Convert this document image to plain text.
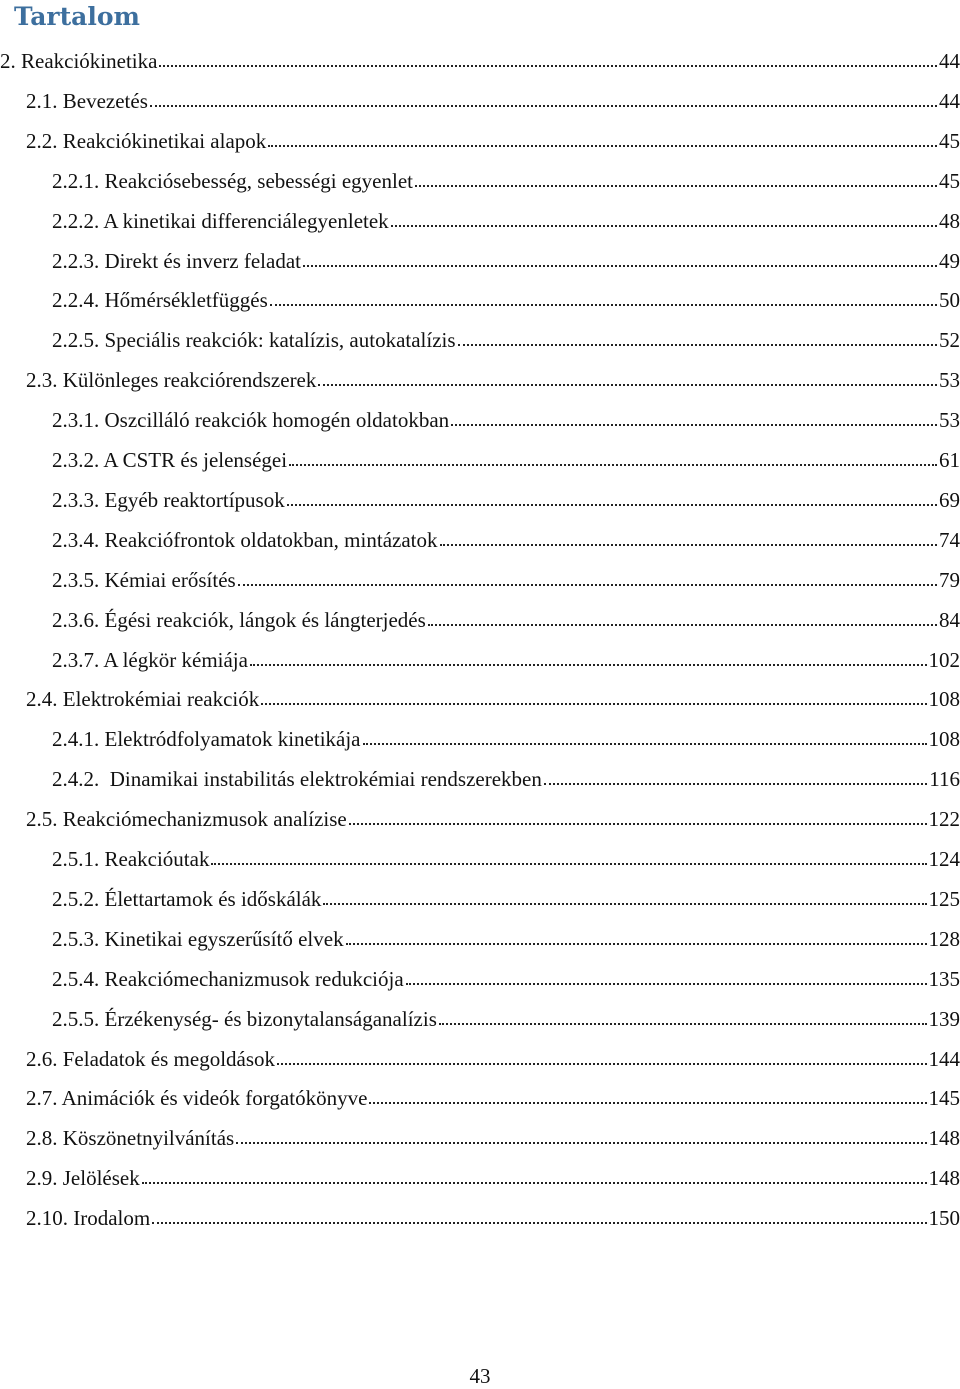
Tartalom
2. Reakciókinetika	44
2.1. Bevezetés	44
2.2. Reakciókinetikai alapok	45
2.2.1. Reakciósebesség, sebességi egyenlet	45
2.2.2. A kinetikai differenciálegyenletek	48
2.2.3. Direkt és inverz feladat	49
2.2.4. Hőmérsékletfüggés	50
2.2.5. Speciális reakciók: katalízis, autokatalízis	52
2.3. Különleges reakciórendszerek	53
2.3.1. Oszcilláló reakciók homogén oldatokban	53
2.3.2. A CSTR és jelenségei	61
2.3.3. Egyéb reaktortípusok	69
2.3.4. Reakciófrontok oldatokban, mintázatok	74
2.3.5. Kémiai erősítés	79
2.3.6. Égési reakciók, lángok és lángterjedés	84
2.3.7. A légkör kémiája	102
2.4. Elektrokémiai reakciók	108
2.4.1. Elektródfolyamatok kinetikája	108
2.4.2.  Dinamikai instabilitás elektrokémiai rendszerekben	116
2.5. Reakciómechanizmusok analízise	122
2.5.1. Reakcióutak	124
2.5.2. Élettartamok és időskálák	125
2.5.3. Kinetikai egyszerűsítő elvek	128
2.5.4. Reakciómechanizmusok redukciója	135
2.5.5. Érzékenység- és bizonytalanságanalízis	139
2.6. Feladatok és megoldások	144
2.7. Animációk és videók forgatókönyve	145
2.8. Köszönetnyilvánítás	148
2.9. Jelölések	148
2.10. Irodalom	150
43
